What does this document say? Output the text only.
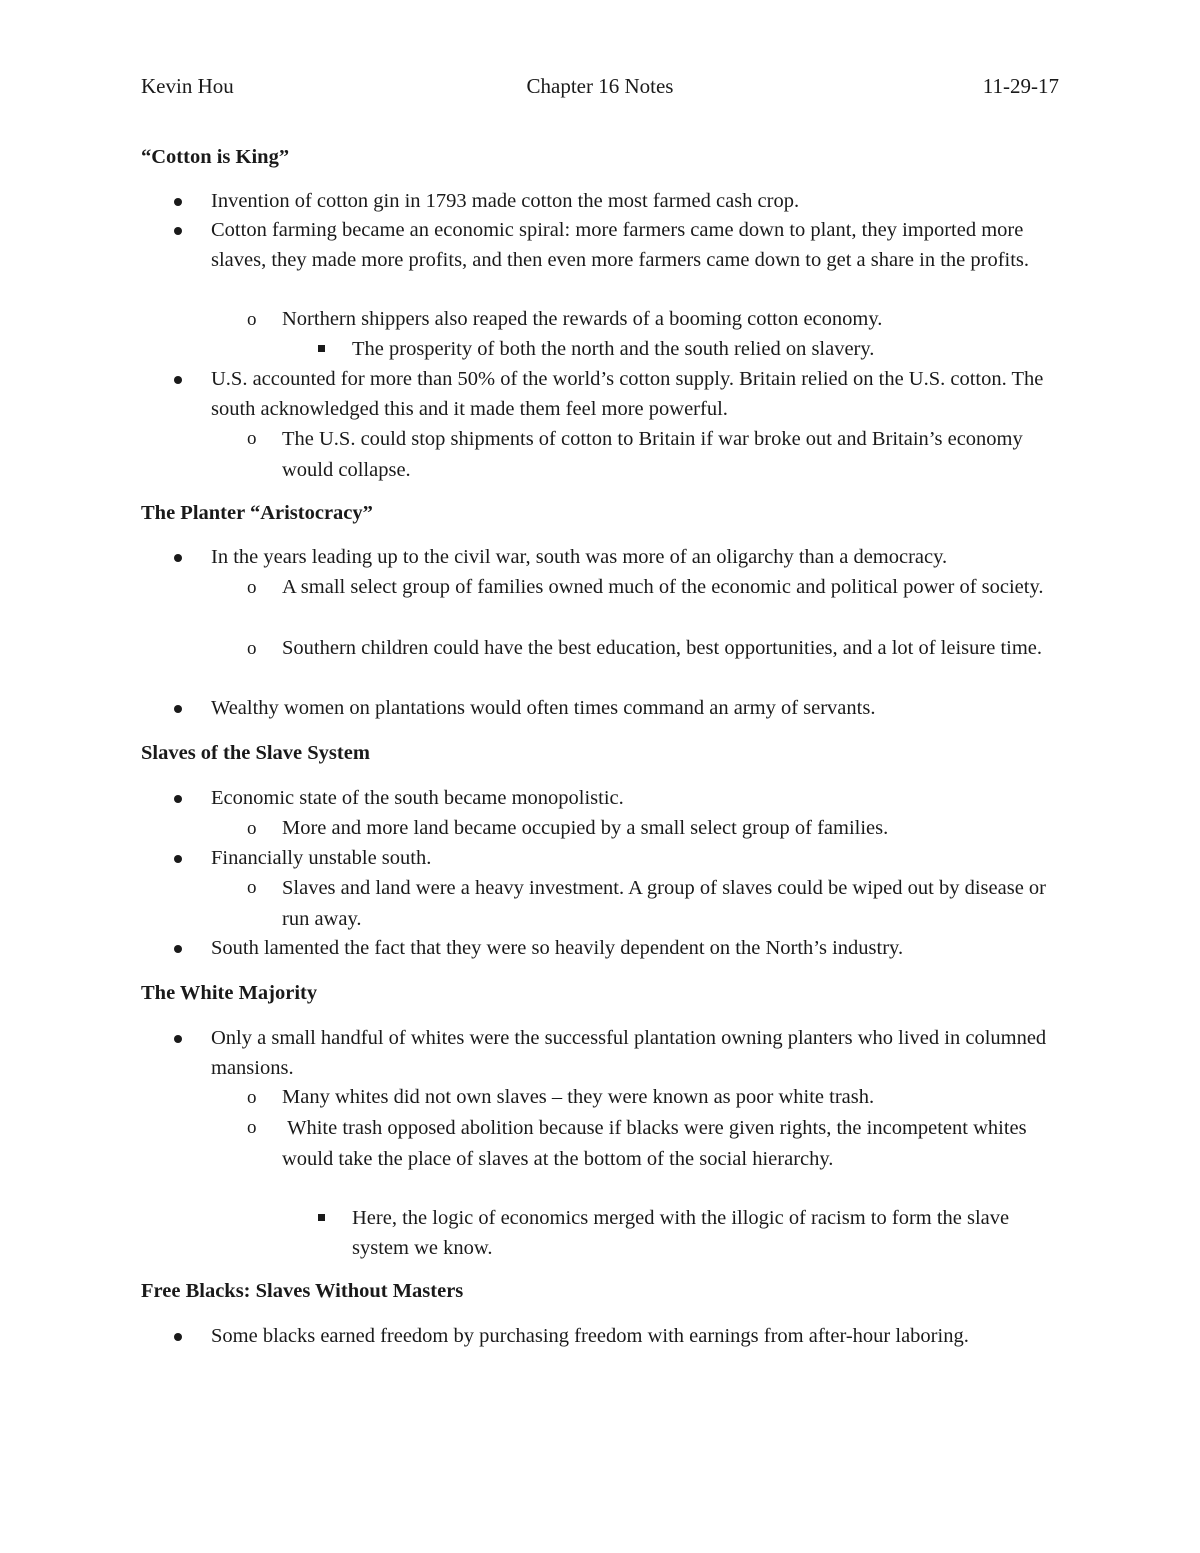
Kevin Hou	Chapter 16 Notes	11-29-17
“Cotton is King”
Invention of cotton gin in 1793 made cotton the most farmed cash crop.
Cotton farming became an economic spiral: more farmers came down to plant, they imported more slaves, they made more profits, and then even more farmers came down to get a share in the profits.
o Northern shippers also reaped the rewards of a booming cotton economy.
The prosperity of both the north and the south relied on slavery.
U.S. accounted for more than 50% of the world’s cotton supply. Britain relied on the U.S. cotton. The south acknowledged this and it made them feel more powerful.
o The U.S. could stop shipments of cotton to Britain if war broke out and Britain’s economy would collapse.
The Planter “Aristocracy”
In the years leading up to the civil war, south was more of an oligarchy than a democracy.
o A small select group of families owned much of the economic and political power of society.
o Southern children could have the best education, best opportunities, and a lot of leisure time.
Wealthy women on plantations would often times command an army of servants.
Slaves of the Slave System
Economic state of the south became monopolistic.
o More and more land became occupied by a small select group of families.
Financially unstable south.
o Slaves and land were a heavy investment. A group of slaves could be wiped out by disease or run away.
South lamented the fact that they were so heavily dependent on the North’s industry.
The White Majority
Only a small handful of whites were the successful plantation owning planters who lived in columned mansions.
o Many whites did not own slaves – they were known as poor white trash.
o White trash opposed abolition because if blacks were given rights, the incompetent whites would take the place of slaves at the bottom of the social hierarchy.
Here, the logic of economics merged with the illogic of racism to form the slave system we know.
Free Blacks: Slaves Without Masters
Some blacks earned freedom by purchasing freedom with earnings from after-hour laboring.
